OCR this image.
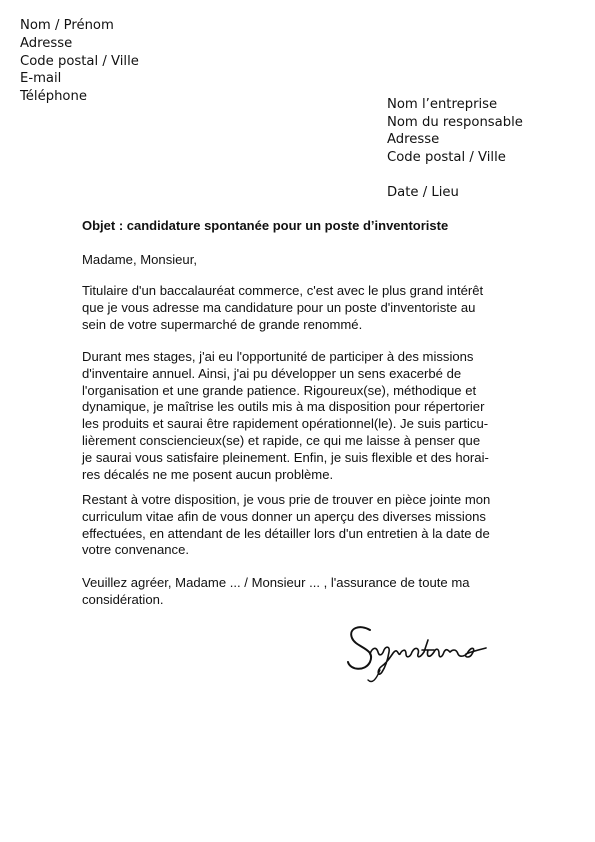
Nom / Prénom
Adresse
Code postal / Ville
E-mail
Téléphone
Nom l’entreprise
Nom du responsable
Adresse
Code postal / Ville
Date / Lieu
Objet : candidature spontanée pour un poste d’inventoriste
Madame, Monsieur,
Titulaire d'un baccalauréat commerce, c'est avec le plus grand intérêt
que je vous adresse ma candidature pour un poste d'inventoriste au
sein de votre supermarché de grande renommé.
Durant mes stages, j'ai eu l'opportunité de participer à des missions
d'inventaire annuel. Ainsi, j'ai pu développer un sens exacerbé de
l'organisation et une grande patience. Rigoureux(se), méthodique et
dynamique, je maîtrise les outils mis à ma disposition pour répertorier
les produits et saurai être rapidement opérationnel(le). Je suis particu-
lièrement consciencieux(se) et rapide, ce qui me laisse à penser que
je saurai vous satisfaire pleinement. Enfin, je suis flexible et des horai-
res décalés ne me posent aucun problème.
Restant à votre disposition, je vous prie de trouver en pièce jointe mon
curriculum vitae afin de vous donner un aperçu des diverses missions
effectuées, en attendant de les détailler lors d'un entretien à la date de
votre convenance.
Veuillez agréer, Madame ... / Monsieur ... , l'assurance de toute ma
considération.
